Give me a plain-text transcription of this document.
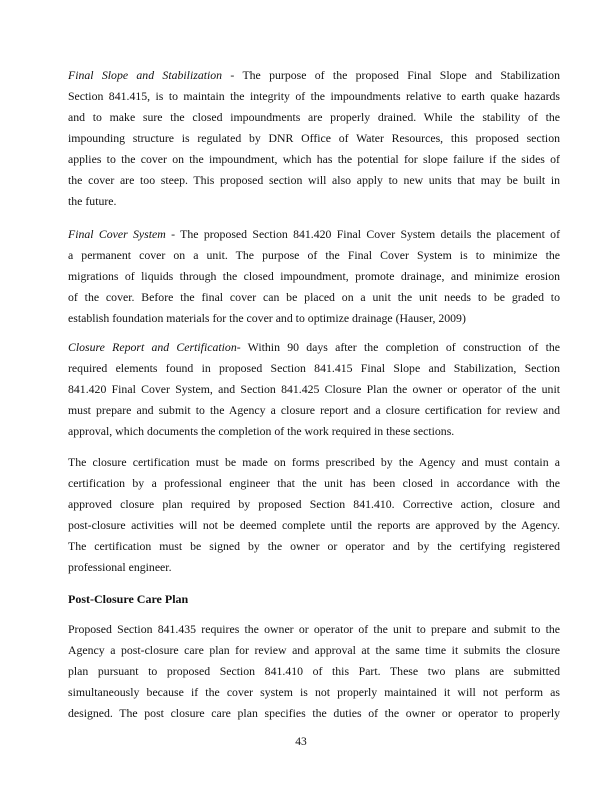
Final Slope and Stabilization - The purpose of the proposed Final Slope and Stabilization
Section 841.415, is to maintain the integrity of the impoundments relative to earth quake hazards
and to make sure the closed impoundments are properly drained. While the stability of the
impounding structure is regulated by DNR Office of Water Resources, this proposed section
applies to the cover on the impoundment, which has the potential for slope failure if the sides of
the cover are too steep. This proposed section will also apply to new units that may be built in
the future.
Final Cover System - The proposed Section 841.420 Final Cover System details the placement of
a permanent cover on a unit. The purpose of the Final Cover System is to minimize the
migrations of liquids through the closed impoundment, promote drainage, and minimize erosion
of the cover. Before the final cover can be placed on a unit the unit needs to be graded to
establish foundation materials for the cover and to optimize drainage (Hauser, 2009)
Closure Report and Certification- Within 90 days after the completion of construction of the
required elements found in proposed Section 841.415 Final Slope and Stabilization, Section
841.420 Final Cover System, and Section 841.425 Closure Plan the owner or operator of the unit
must prepare and submit to the Agency a closure report and a closure certification for review and
approval, which documents the completion of the work required in these sections.
The closure certification must be made on forms prescribed by the Agency and must contain a
certification by a professional engineer that the unit has been closed in accordance with the
approved closure plan required by proposed Section 841.410. Corrective action, closure and
post-closure activities will not be deemed complete until the reports are approved by the Agency.
The certification must be signed by the owner or operator and by the certifying registered
professional engineer.
Post-Closure Care Plan
Proposed Section 841.435 requires the owner or operator of the unit to prepare and submit to the
Agency a post-closure care plan for review and approval at the same time it submits the closure
plan pursuant to proposed Section 841.410 of this Part. These two plans are submitted
simultaneously because if the cover system is not properly maintained it will not perform as
designed. The post closure care plan specifies the duties of the owner or operator to properly
43
